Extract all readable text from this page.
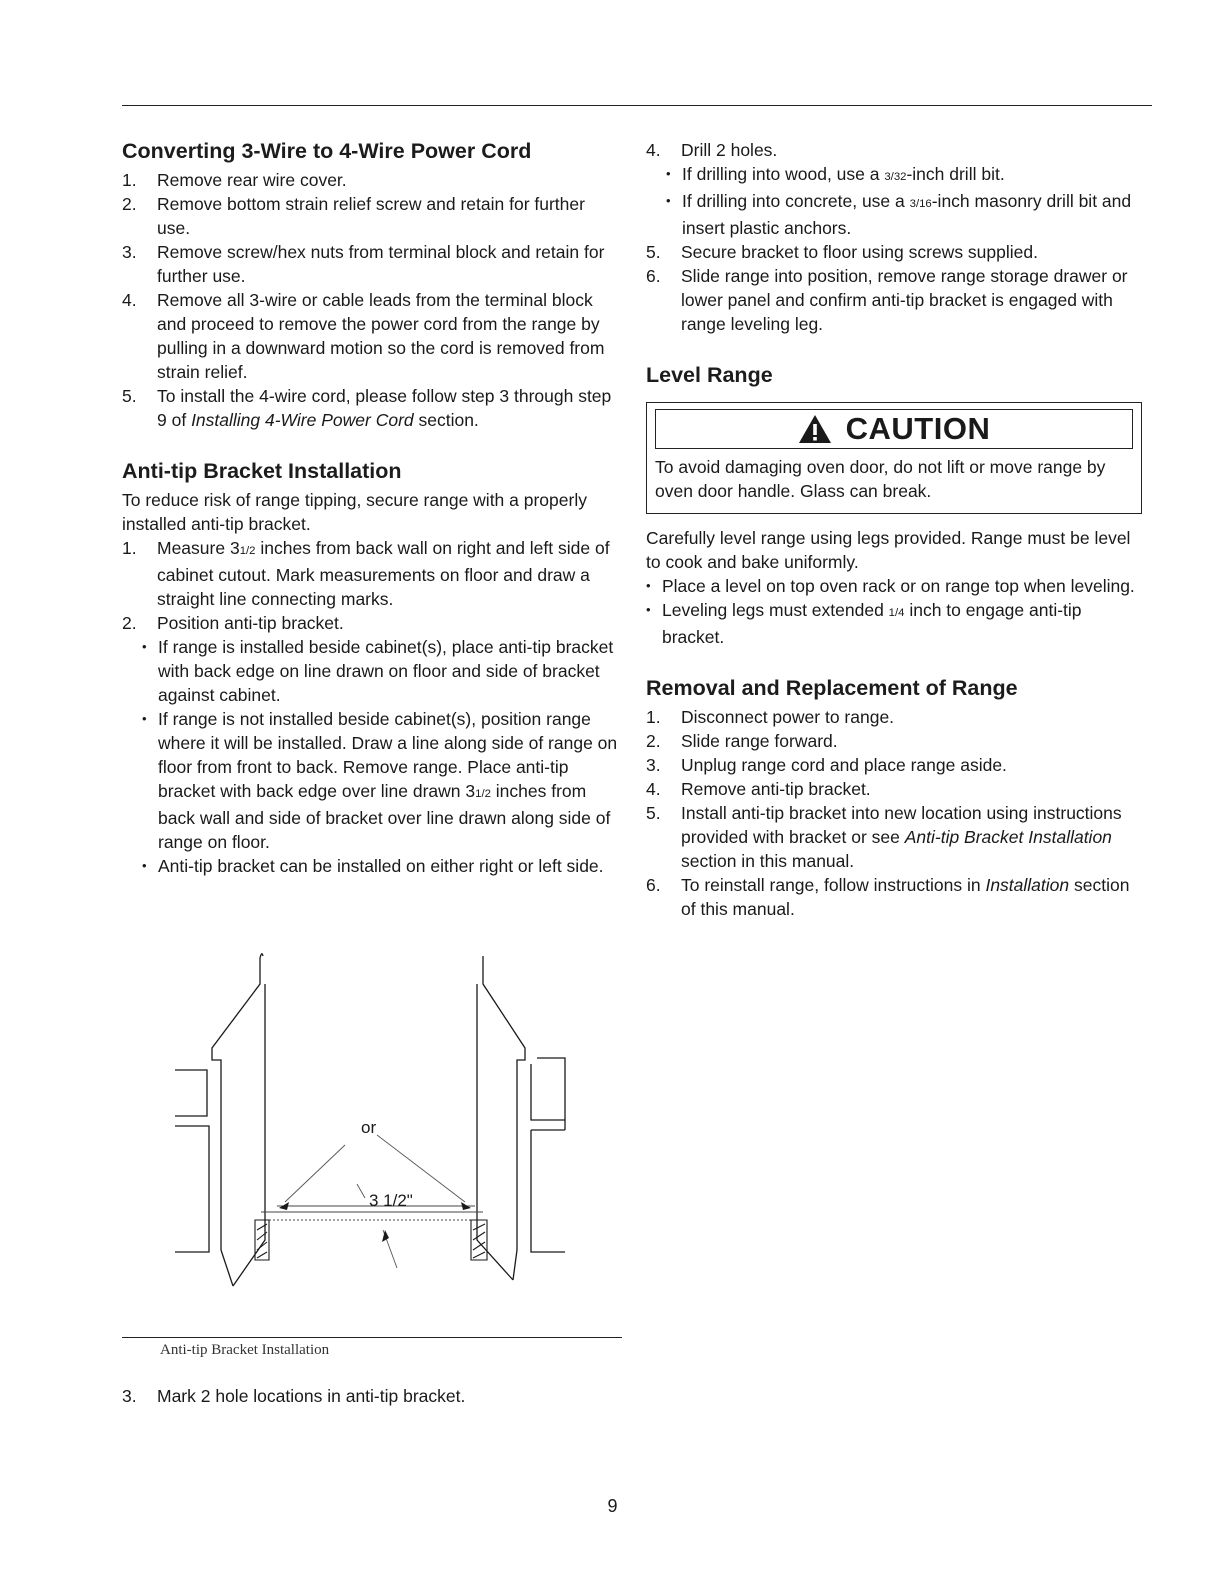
Converting 3-Wire to 4-Wire Power Cord
1. Remove rear wire cover.
2. Remove bottom strain relief screw and retain for further use.
3. Remove screw/hex nuts from terminal block and retain for further use.
4. Remove all 3-wire or cable leads from the terminal block and proceed to remove the power cord from the range by pulling in a downward motion so the cord is removed from strain relief.
5. To install the 4-wire cord, please follow step 3 through step 9 of Installing 4-Wire Power Cord section.
Anti-tip Bracket Installation

To reduce risk of range tipping, secure range with a properly installed anti-tip bracket.

1. Measure 31/2 inches from back wall on right and left side of cabinet cutout. Mark measurements on floor and draw a straight line connecting marks.
2. Position anti-tip bracket.
• If range is installed beside cabinet(s), place anti-tip bracket with back edge on line drawn on floor and side of bracket against cabinet.
• If range is not installed beside cabinet(s), position range where it will be installed. Draw a line along side of range on floor from front to back. Remove range. Place anti-tip bracket with back edge over line drawn 31/2 inches from back wall and side of bracket over line drawn along side of range on floor.
• Anti-tip bracket can be installed on either right or left side.
or
3 1/2"
Anti-tip Bracket Installation
3. Mark 2 hole locations in anti-tip bracket.
4. Drill 2 holes.
• If drilling into wood, use a 3/32-inch drill bit.
• If drilling into concrete, use a 3/16-inch masonry drill bit and insert plastic anchors.
5. Secure bracket to floor using screws supplied.
6. Slide range into position, remove range storage drawer or lower panel and confirm anti-tip bracket is engaged with range leveling leg.
Level Range
CAUTION
To avoid damaging oven door, do not lift or move range by oven door handle. Glass can break.

Carefully level range using legs provided. Range must be level to cook and bake uniformly.

• Place a level on top oven rack or on range top when leveling.
• Leveling legs must extended 1/4 inch to engage anti-tip bracket.
Removal and Replacement of Range
1. Disconnect power to range.
2. Slide range forward.
3. Unplug range cord and place range aside.
4. Remove anti-tip bracket.
5. Install anti-tip bracket into new location using instructions provided with bracket or see Anti-tip Bracket Installation section in this manual.
6. To reinstall range, follow instructions in Installation section of this manual.
9
